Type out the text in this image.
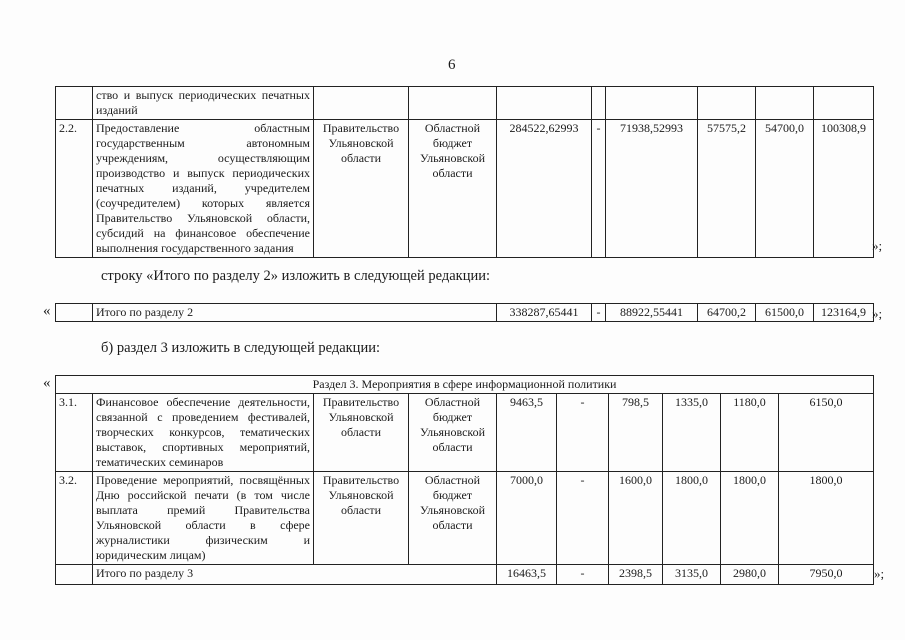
6
	ство и выпуск периодических печатных изданий								
2.2.	Предоставление областным государственным автономным учреждениям, осуществляющим производство и выпуск периодических печатных изданий, учредителем (соучредителем) которых является Правительство Ульяновской области, субсидий на финансовое обеспечение выполнения государственного задания	Правительство Ульяновской области	Областной бюджет Ульяновской области	284522,62993	-	71938,52993	57575,2	54700,0	100308,9
»;
строку «Итого по разделу 2» изложить в следующей редакции:
«
		Итого по разделу 2	338287,65441	-	88922,55441	64700,2	61500,0	123164,9 »;
б) раздел 3 изложить в следующей редакции:
«	Раздел 3. Мероприятия в сфере информационной политики									
3.1.	Финансовое обеспечение деятельности, связанной с проведением фестивалей, творческих конкурсов, тематических выставок, спортивных мероприятий, тематических семинаров	Правительство Ульяновской области	Областной бюджет Ульяновской области	9463,5	-	798,5	1335,0	1180,0	6150,0
3.2.	Проведение мероприятий, посвящённых Дню российской печати (в том числе выплата премий Правительства Ульяновской области в сфере журналистики физическим и юридическим лицам)	Правительство Ульяновской области	Областной бюджет Ульяновской области	7000,0	-	1600,0	1800,0	1800,0	1800,0
	Итого по разделу 3			16463,5	-	2398,5	3135,0	2980,0	7950,0 »;
